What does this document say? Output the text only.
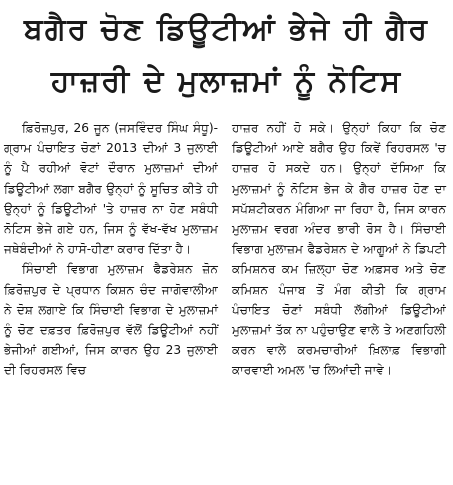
ਬਗੈਰ ਚੋਣ ਡਿਊਟੀਆਂ ਭੇਜੇ ਹੀ ਗੈਰ
ਹਾਜ਼ਰੀ ਦੇ ਮੁਲਾਜ਼ਮਾਂ ਨੂੰ ਨੋਟਿਸ

ਫ਼ਿਰੋਜ਼ਪੁਰ, 26 ਜੂਨ (ਜਸਵਿੰਦਰ ਸਿੰਘ ਸੰਧੂ)-ਗ੍ਰਾਮ ਪੰਚਾਇਤ ਚੋਣਾਂ 2013 ਦੀਆਂ 3 ਜੁਲਾਈ ਨੂੰ ਪੈ ਰਹੀਆਂ ਵੋਟਾਂ ਦੌਰਾਨ ਮੁਲਾਜ਼ਮਾਂ ਦੀਆਂ ਡਿਊਟੀਆਂ ਲਗਾ ਬਗੈਰ ਉਨ੍ਹਾਂ ਨੂੰ ਸੂਚਿਤ ਕੀਤੇ ਹੀ ਉਨ੍ਹਾਂ ਨੂੰ ਡਿਊਟੀਆਂ 'ਤੇ ਹਾਜ਼ਰ ਨਾ ਹੋਣ ਸਬੰਧੀ ਨੋਟਿਸ ਭੇਜੇ ਗਏ ਹਨ, ਜਿਸ ਨੂੰ ਵੱਖ-ਵੱਖ ਮੁਲਾਜ਼ਮ ਜਥੇਬੰਦੀਆਂ ਨੇ ਹਾਸੋ-ਹੀਣਾ ਕਰਾਰ ਦਿੱਤਾ ਹੈ।

ਸਿੰਚਾਈ ਵਿਭਾਗ ਮੁਲਾਜ਼ਮ ਫੈਡਰੇਸ਼ਨ ਜ਼ੋਨ ਫ਼ਿਰੋਜ਼ਪੁਰ ਦੇ ਪ੍ਰਧਾਨ ਕਿਸ਼ਨ ਚੰਦ ਜਾਗੋਵਾਲੀਆ ਨੇ ਦੋਸ਼ ਲਗਾਏ ਕਿ ਸਿੰਚਾਈ ਵਿਭਾਗ ਦੇ ਮੁਲਾਜ਼ਮਾਂ ਨੂੰ ਚੋਣ ਦਫ਼ਤਰ ਫ਼ਿਰੋਜ਼ਪੁਰ ਵੱਲੋਂ ਡਿਊਟੀਆਂ ਨਹੀਂ ਭੇਜੀਆਂ ਗਈਆਂ, ਜਿਸ ਕਾਰਨ ਉਹ 23 ਜੁਲਾਈ ਦੀ ਰਿਹਰਸਲ ਵਿਚ

ਹਾਜ਼ਰ ਨਹੀਂ ਹੋ ਸਕੇ। ਉਨ੍ਹਾਂ ਕਿਹਾ ਕਿ ਚੋਣ ਡਿਊਟੀਆਂ ਆਏ ਬਗੈਰ ਉਹ ਕਿਵੇਂ ਰਿਹਰਸਲ 'ਚ ਹਾਜ਼ਰ ਹੋ ਸਕਦੇ ਹਨ। ਉਨ੍ਹਾਂ ਦੱਸਿਆ ਕਿ ਮੁਲਾਜ਼ਮਾਂ ਨੂੰ ਨੋਟਿਸ ਭੇਜ ਕੇ ਗੈਰ ਹਾਜ਼ਰ ਹੋਣ ਦਾ ਸਪੱਸ਼ਟੀਕਰਨ ਮੰਗਿਆ ਜਾ ਰਿਹਾ ਹੈ, ਜਿਸ ਕਾਰਨ ਮੁਲਾਜ਼ਮ ਵਰਗ ਅੰਦਰ ਭਾਰੀ ਰੋਸ ਹੈ। ਸਿੰਚਾਈ ਵਿਭਾਗ ਮੁਲਾਜ਼ਮ ਫੈਡਰੇਸ਼ਨ ਦੇ ਆਗੂਆਂ ਨੇ ਡਿਪਟੀ ਕਮਿਸ਼ਨਰ ਕਮ ਜ਼ਿਲ੍ਹਾ ਚੋਣ ਅਫ਼ਸਰ ਅਤੇ ਚੋਣ ਕਮਿਸ਼ਨ ਪੰਜਾਬ ਤੋਂ ਮੰਗ ਕੀਤੀ ਕਿ ਗ੍ਰਾਮ ਪੰਚਾਇਤ ਚੋਣਾਂ ਸਬੰਧੀ ਲੱਗੀਆਂ ਡਿਊਟੀਆਂ ਮੁਲਾਜ਼ਮਾਂ ਤੱਕ ਨਾ ਪਹੁੰਚਾਉਣ ਵਾਲੇ ਤੇ ਅਣਗਹਿਲੀ ਕਰਨ ਵਾਲੇ ਕਰਮਚਾਰੀਆਂ ਖ਼ਿਲਾਫ਼ ਵਿਭਾਗੀ ਕਾਰਵਾਈ ਅਮਲ 'ਚ ਲਿਆਂਦੀ ਜਾਵੇ।
